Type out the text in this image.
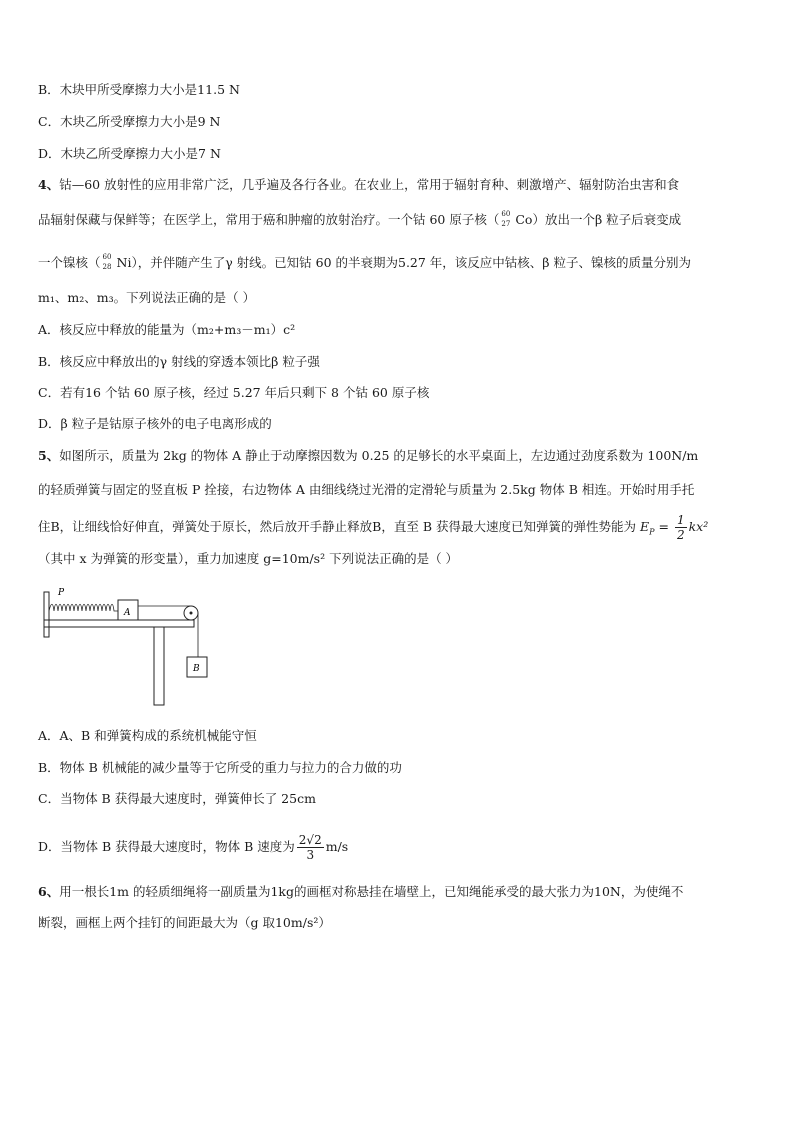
B．木块甲所受摩擦力大小是11.5 N
C．木块乙所受摩擦力大小是9 N
D．木块乙所受摩擦力大小是7 N
4、钴—60 放射性的应用非常广泛，几乎遍及各行各业。在农业上，常用于辐射育种、刺激增产、辐射防治虫害和食
品辐射保藏与保鲜等；在医学上，常用于癌和肿瘤的放射治疗。一个钴 60 原子核（ 60
27 Co）放出一个β 粒子后衰变成
一个镍核（ 60
28 Ni），并伴随产生了γ 射线。已知钴 60 的半衰期为5.27 年，该反应中钴核、β 粒子、镍核的质量分别为
m₁、m₂、m₃。下列说法正确的是（ ）
A．核反应中释放的能量为（m₂+m₃－m₁）c²
B．核反应中释放出的γ 射线的穿透本领比β 粒子强
C．若有16 个钴 60 原子核，经过 5.27 年后只剩下 8 个钴 60 原子核
D．β 粒子是钴原子核外的电子电离形成的
5、如图所示，质量为 2kg 的物体 A 静止于动摩擦因数为 0.25 的足够长的水平桌面上，左边通过劲度系数为 100N/m
的轻质弹簧与固定的竖直板 P 拴接，右边物体 A 由细线绕过光滑的定滑轮与质量为 2.5kg 物体 B 相连。开始时用手托
住B，让细线恰好伸直，弹簧处于原长，然后放开手静止释放B，直至 B 获得最大速度已知弹簧的弹性势能为 $E_P = \frac{1}{2} kx^2$
（其中 x 为弹簧的形变量），重力加速度 g=10m/s² 下列说法正确的是（ ）
P
A
B
A．A、B 和弹簧构成的系统机械能守恒
B．物体 B 机械能的减少量等于它所受的重力与拉力的合力做的功
C．当物体 B 获得最大速度时，弹簧伸长了 25cm
D．当物体 B 获得最大速度时，物体 B 速度为 $\frac{2√2}{3} m/s$
6、用一根长1m 的轻质细绳将一副质量为1kg的画框对称悬挂在墙壁上，已知绳能承受的最大张力为10N，为使绳不
断裂，画框上两个挂钉的间距最大为（g 取10m/s²）
